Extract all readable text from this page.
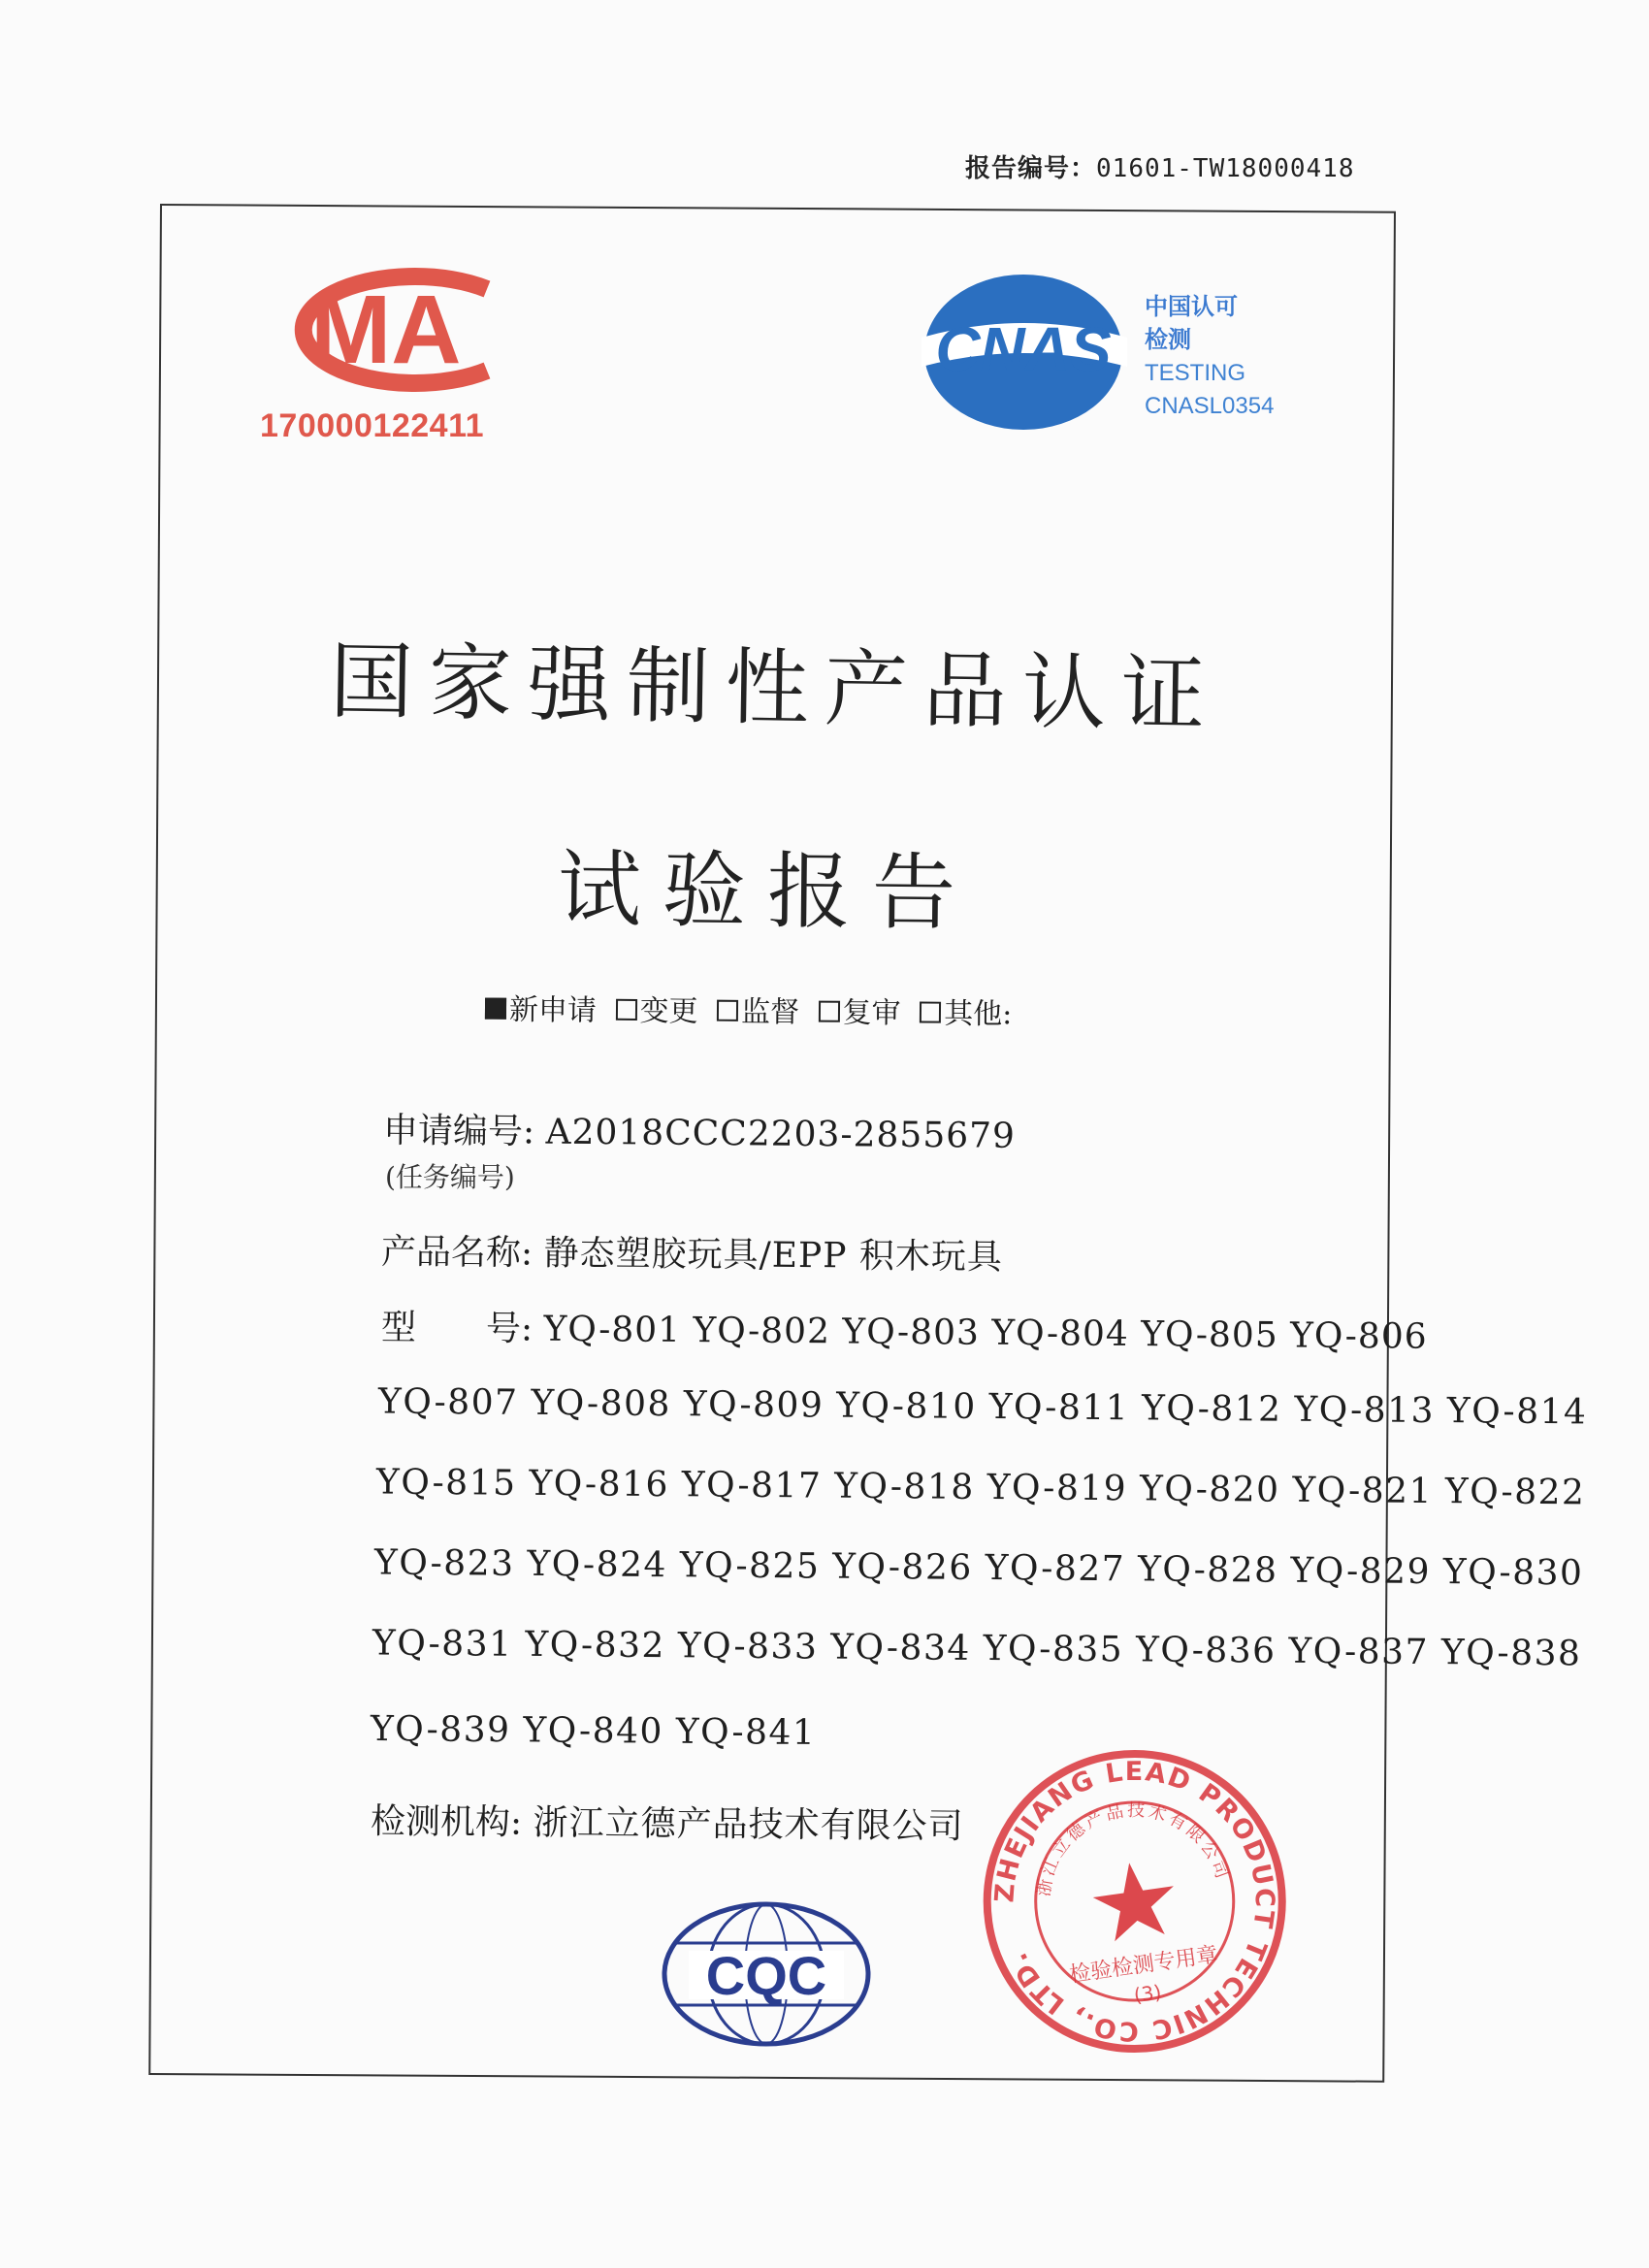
报告编号：01601-TW18000418
MA
170000122411
CNAS
中国认可
检测
TESTING
CNASL0354
国家强制性产品认证
试验报告
新申请 变更 监督 复审 其他:
申请编号: A2018CCC2203-2855679
(任务编号)
产品名称: 静态塑胶玩具/EPP 积木玩具
型　　号: YQ-801 YQ-802 YQ-803 YQ-804 YQ-805 YQ-806
YQ-807 YQ-808 YQ-809 YQ-810 YQ-811 YQ-812 YQ-813 YQ-814
YQ-815 YQ-816 YQ-817 YQ-818 YQ-819 YQ-820 YQ-821 YQ-822
YQ-823 YQ-824 YQ-825 YQ-826 YQ-827 YQ-828 YQ-829 YQ-830
YQ-831 YQ-832 YQ-833 YQ-834 YQ-835 YQ-836 YQ-837 YQ-838
YQ-839 YQ-840 YQ-841
检测机构: 浙江立德产品技术有限公司
CQC
ZHEJIANG LEAD PRODUCT TECHNIC CO., LTD.
浙江立德产品技术有限公司
检验检测专用章
(3)
